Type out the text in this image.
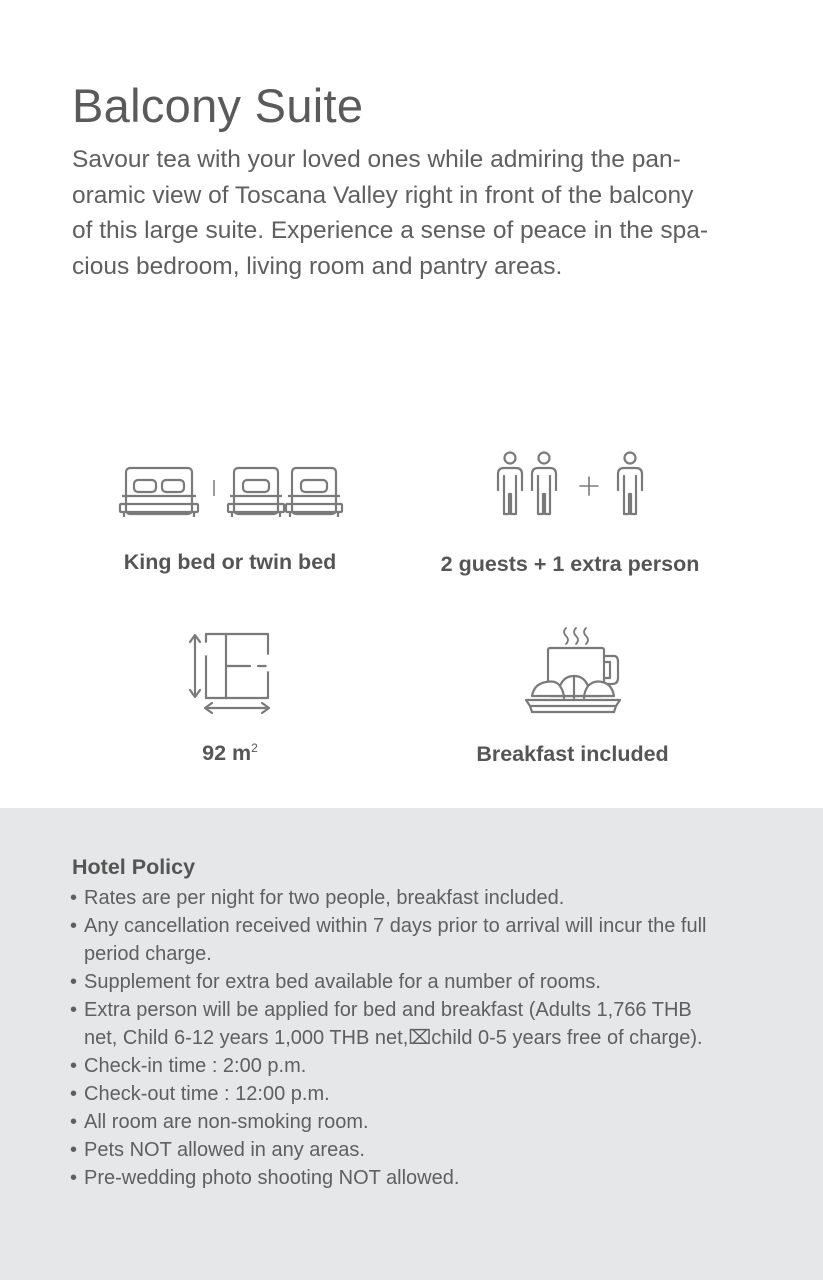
Balcony Suite

Savour tea with your loved ones while admiring the pan-
oramic view of Toscana Valley right in front of the balcony
of this large suite. Experience a sense of peace in the spa-
cious bedroom, living room and pantry areas.

King bed or twin bed	2 guests + 1 extra person
92 $m^2$	Breakfast included
Hotel Policy
• Rates are per night for two people, breakfast included.
• Any cancellation received within 7 days prior to arrival will incur the full
period charge.
• Supplement for extra bed available for a number of rooms.
• Extra person will be applied for bed and breakfast (Adults 1,766 THB
net, Child 6-12 years 1,000 THB net,⌧child 0-5 years free of charge).
• Check-in time : 2:00 p.m.
• Check-out time : 12:00 p.m.
• All room are non-smoking room.
• Pets NOT allowed in any areas.
• Pre-wedding photo shooting NOT allowed.
